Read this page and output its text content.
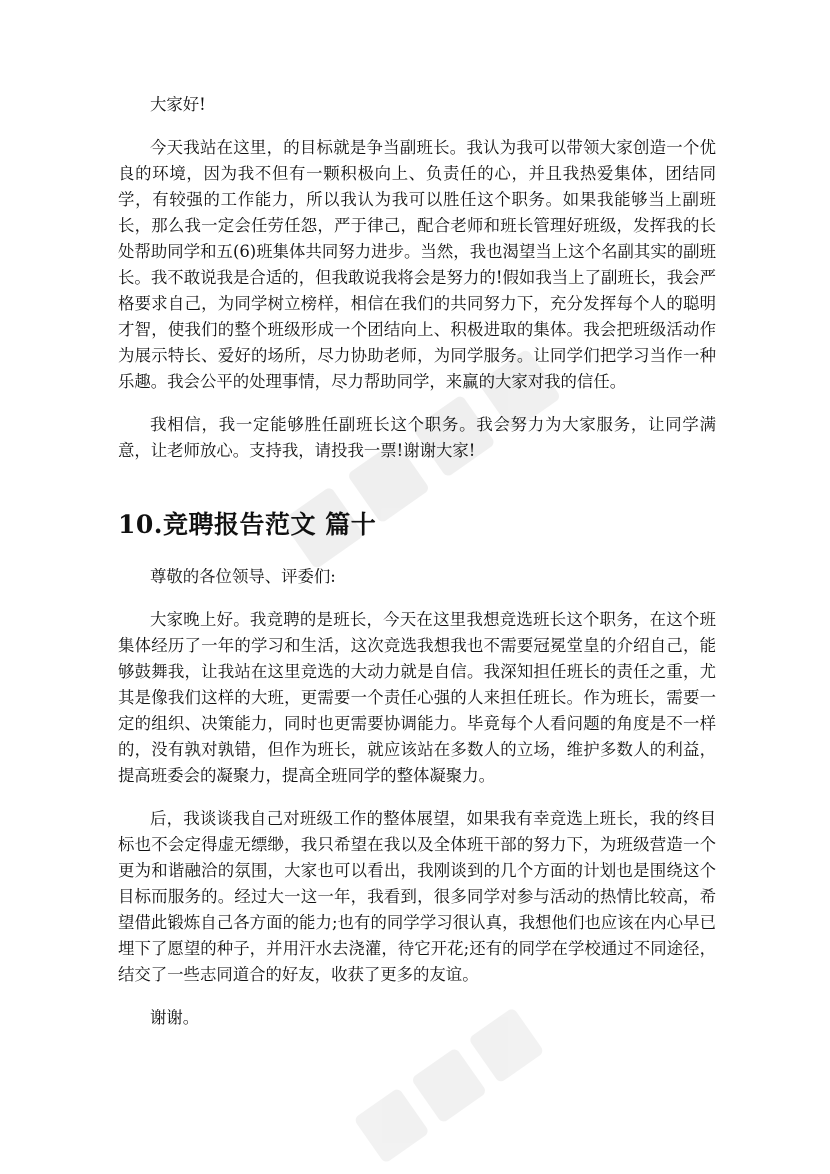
大家好!

今天我站在这里，的目标就是争当副班长。我认为我可以带领大家创造一个优良的环境，因为我不但有一颗积极向上、负责任的心，并且我热爱集体，团结同学，有较强的工作能力，所以我认为我可以胜任这个职务。如果我能够当上副班长，那么我一定会任劳任怨，严于律己，配合老师和班长管理好班级，发挥我的长处帮助同学和五(6)班集体共同努力进步。当然，我也渴望当上这个名副其实的副班长。我不敢说我是合适的，但我敢说我将会是努力的!假如我当上了副班长，我会严格要求自己，为同学树立榜样，相信在我们的共同努力下，充分发挥每个人的聪明才智，使我们的整个班级形成一个团结向上、积极进取的集体。我会把班级活动作为展示特长、爱好的场所，尽力协助老师，为同学服务。让同学们把学习当作一种乐趣。我会公平的处理事情，尽力帮助同学，来赢的大家对我的信任。

我相信，我一定能够胜任副班长这个职务。我会努力为大家服务，让同学满意，让老师放心。支持我，请投我一票!谢谢大家!

10.竞聘报告范文 篇十

尊敬的各位领导、评委们:

大家晚上好。我竞聘的是班长，今天在这里我想竞选班长这个职务，在这个班集体经历了一年的学习和生活，这次竞选我想我也不需要冠冕堂皇的介绍自己，能够鼓舞我，让我站在这里竞选的大动力就是自信。我深知担任班长的责任之重，尤其是像我们这样的大班，更需要一个责任心强的人来担任班长。作为班长，需要一定的组织、决策能力，同时也更需要协调能力。毕竟每个人看问题的角度是不一样的，没有孰对孰错，但作为班长，就应该站在多数人的立场，维护多数人的利益，提高班委会的凝聚力，提高全班同学的整体凝聚力。

后，我谈谈我自己对班级工作的整体展望，如果我有幸竞选上班长，我的终目标也不会定得虚无缥缈，我只希望在我以及全体班干部的努力下，为班级营造一个更为和谐融洽的氛围，大家也可以看出，我刚谈到的几个方面的计划也是围绕这个目标而服务的。经过大一这一年，我看到，很多同学对参与活动的热情比较高，希望借此锻炼自己各方面的能力;也有的同学学习很认真，我想他们也应该在内心早已埋下了愿望的种子，并用汗水去浇灌，待它开花;还有的同学在学校通过不同途径，结交了一些志同道合的好友，收获了更多的友谊。

谢谢。
